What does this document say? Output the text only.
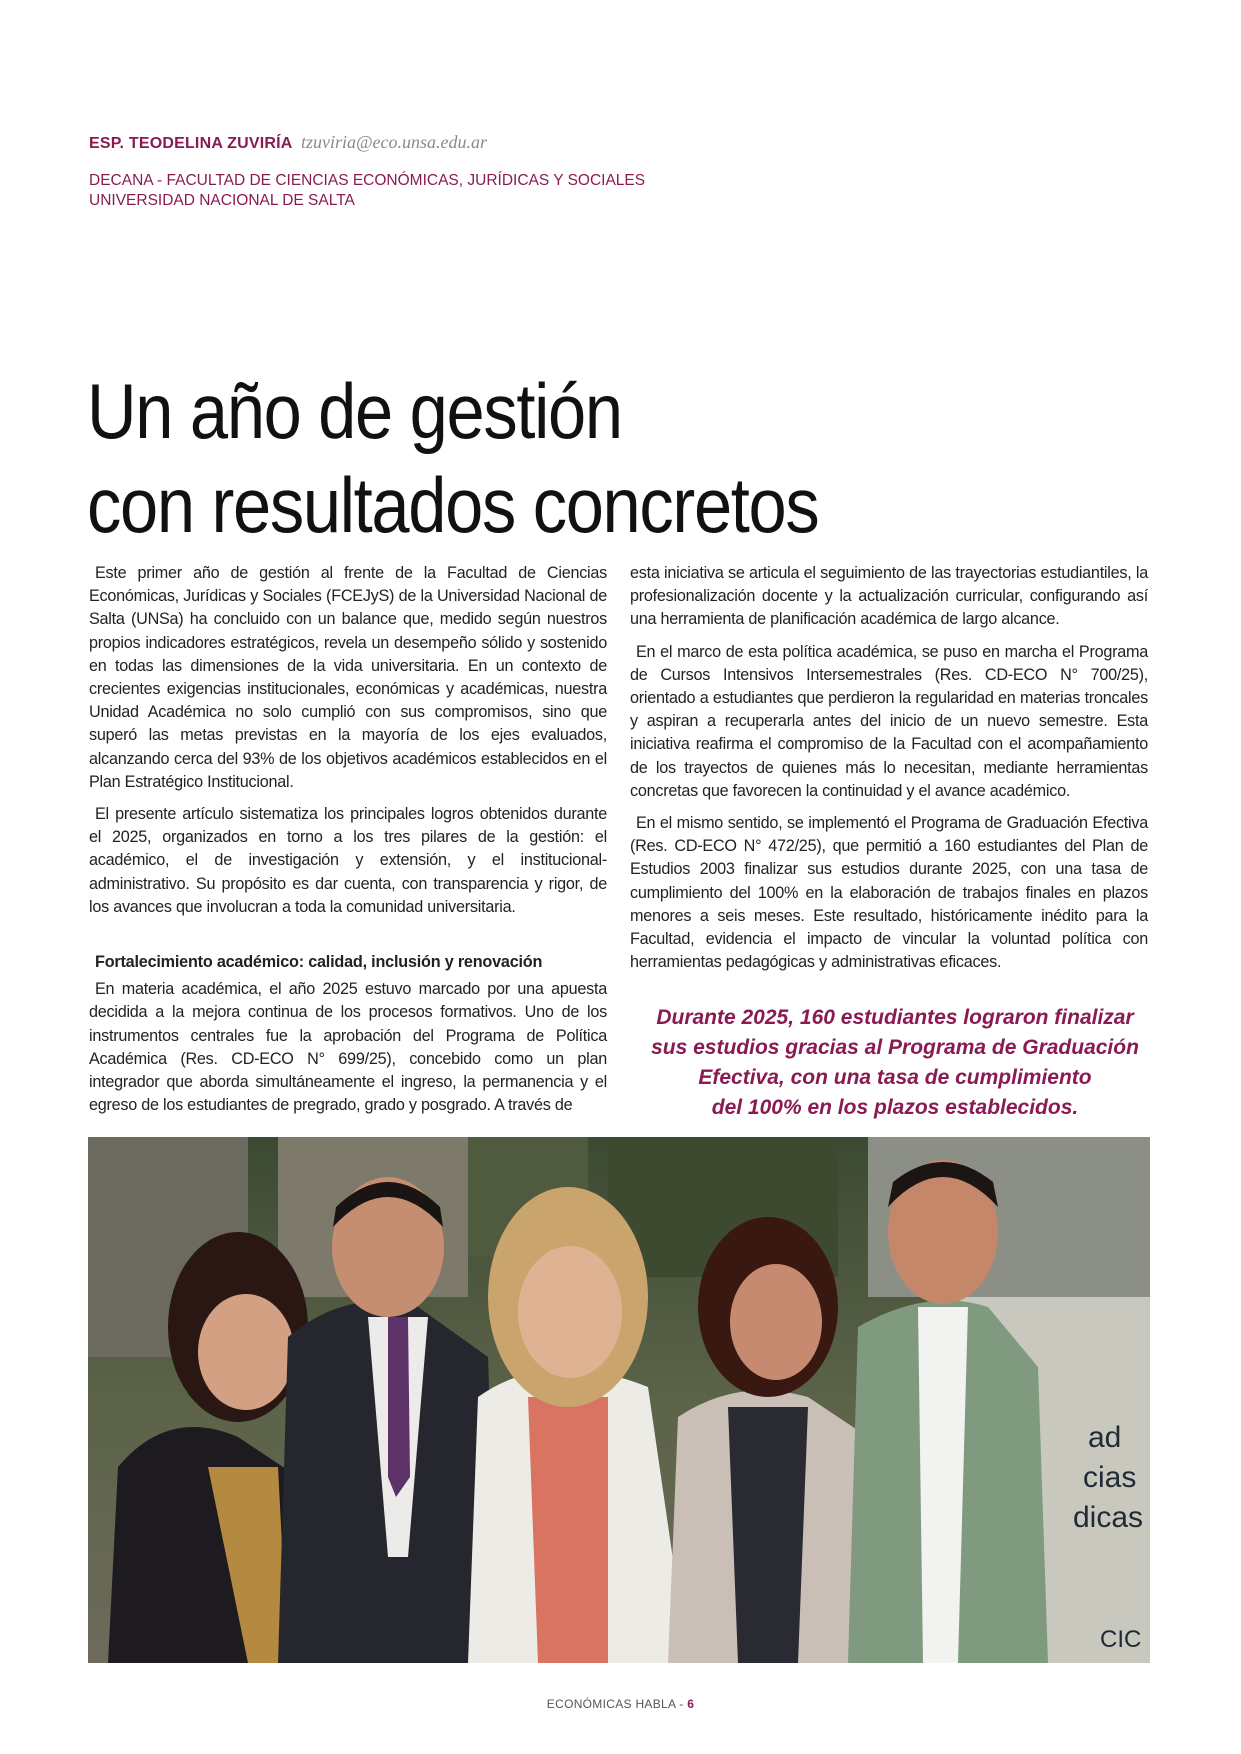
ESP. TEODELINA ZUVIRÍA tzuviria@eco.unsa.edu.ar
DECANA - FACULTAD DE CIENCIAS ECONÓMICAS, JURÍDICAS Y SOCIALES
UNIVERSIDAD NACIONAL DE SALTA
Un año de gestión
con resultados concretos

Este primer año de gestión al frente de la Facultad de Ciencias Económicas, Jurídicas y Sociales (FCEJyS) de la Universidad Nacional de Salta (UNSa) ha concluido con un balance que, medido según nuestros propios indicadores estratégicos, revela un desempeño sólido y sostenido en todas las dimensiones de la vida universitaria. En un contexto de crecientes exigencias institucionales, económicas y académicas, nuestra Unidad Académica no solo cumplió con sus compromisos, sino que superó las metas previstas en la mayoría de los ejes evaluados, alcanzando cerca del 93% de los objetivos académicos establecidos en el Plan Estratégico Institucional.

El presente artículo sistematiza los principales logros obtenidos durante el 2025, organizados en torno a los tres pilares de la gestión: el académico, el de investigación y extensión, y el institucional-administrativo. Su propósito es dar cuenta, con transparencia y rigor, de los avances que involucran a toda la comunidad universitaria.

Fortalecimiento académico: calidad, inclusión y renovación

En materia académica, el año 2025 estuvo marcado por una apuesta decidida a la mejora continua de los procesos formativos. Uno de los instrumentos centrales fue la aprobación del Programa de Política Académica (Res. CD-ECO N° 699/25), concebido como un plan integrador que aborda simultáneamente el ingreso, la permanencia y el egreso de los estudiantes de pregrado, grado y posgrado. A través de

esta iniciativa se articula el seguimiento de las trayectorias estudiantiles, la profesionalización docente y la actualización curricular, configurando así una herramienta de planificación académica de largo alcance.

En el marco de esta política académica, se puso en marcha el Programa de Cursos Intensivos Intersemestrales (Res. CD-ECO N° 700/25), orientado a estudiantes que perdieron la regularidad en materias troncales y aspiran a recuperarla antes del inicio de un nuevo semestre. Esta iniciativa reafirma el compromiso de la Facultad con el acompañamiento de los trayectos de quienes más lo necesitan, mediante herramientas concretas que favorecen la continuidad y el avance académico.

En el mismo sentido, se implementó el Programa de Graduación Efectiva (Res. CD-ECO N° 472/25), que permitió a 160 estudiantes del Plan de Estudios 2003 finalizar sus estudios durante 2025, con una tasa de cumplimiento del 100% en la elaboración de trabajos finales en plazos menores a seis meses. Este resultado, históricamente inédito para la Facultad, evidencia el impacto de vincular la voluntad política con herramientas pedagógicas y administrativas eficaces.

Durante 2025, 160 estudiantes lograron finalizar
sus estudios gracias al Programa de Graduación
Efectiva, con una tasa de cumplimiento
del 100% en los plazos establecidos.
ad
cias
dicas
CIC
ECONÓMICAS HABLA - 6
